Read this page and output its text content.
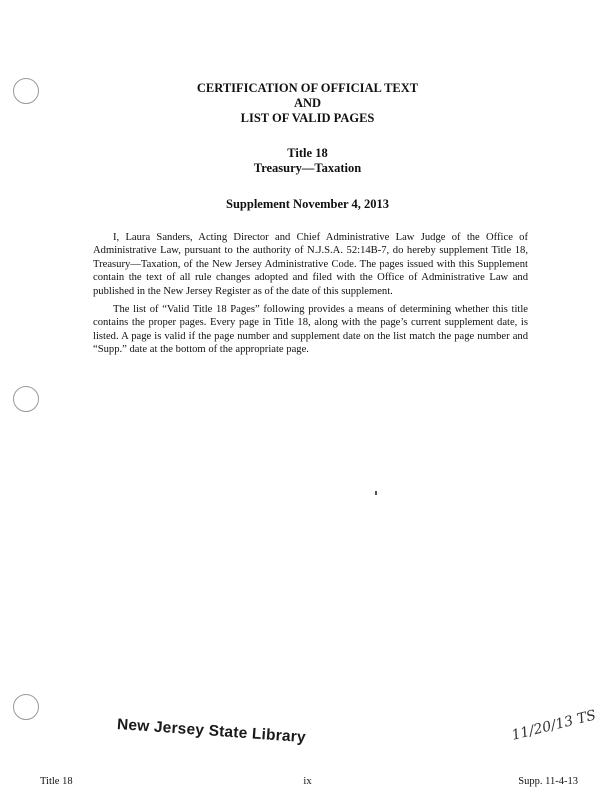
CERTIFICATION OF OFFICIAL TEXT
AND
LIST OF VALID PAGES
Title 18
Treasury—Taxation
Supplement November 4, 2013

I, Laura Sanders, Acting Director and Chief Administrative Law Judge of the Office of Administrative Law, pursuant to the authority of N.J.S.A. 52:14B-7, do hereby supplement Title 18, Treasury—Taxation, of the New Jersey Administrative Code. The pages issued with this Supplement contain the text of all rule changes adopted and filed with the Office of Administrative Law and published in the New Jersey Register as of the date of this supplement.

The list of “Valid Title 18 Pages” following provides a means of determining whether this title contains the proper pages. Every page in Title 18, along with the page’s current supplement date, is listed. A page is valid if the page number and supplement date on the list match the page number and “Supp.” date at the bottom of the appropriate page.

New Jersey State Library	11/20/13 TS
Title 18	ix	Supp. 11-4-13
